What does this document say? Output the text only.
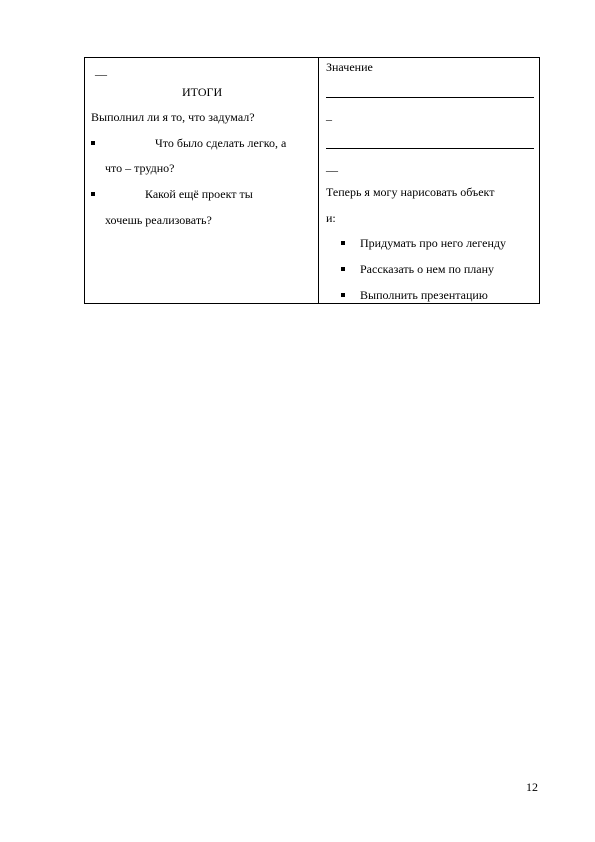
__
ИТОГИ
Выполнил ли я то, что задумал?
Что было сделать легко, а
что – трудно?
Какой ещё проект ты
хочешь реализовать?
Значение
_
__
Теперь я могу нарисовать объект
и:
Придумать про него легенду
Рассказать о нем по плану
Выполнить презентацию
12
